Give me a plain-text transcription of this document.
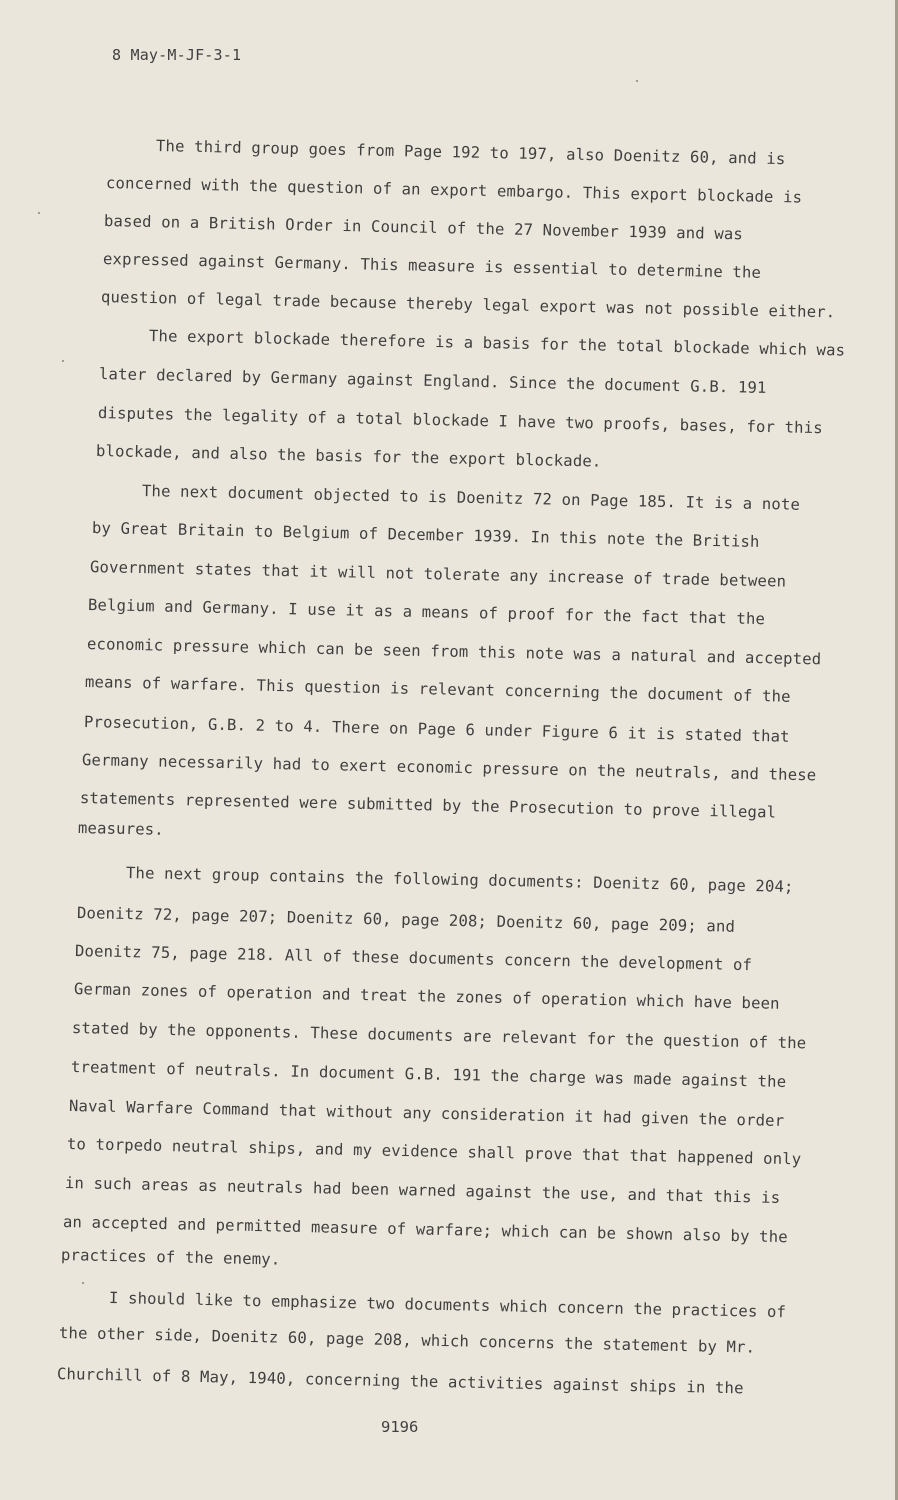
8 May-M-JF-3-1
The third group goes from Page 192 to 197, also Doenitz 60, and is
concerned with the question of an export embargo. This export blockade is
based on a British Order in Council of the 27 November 1939 and was
expressed against Germany. This measure is essential to determine the
question of legal trade because thereby legal export was not possible either.
The export blockade therefore is a basis for the total blockade which was
later declared by Germany against England. Since the document G.B. 191
disputes the legality of a total blockade I have two proofs, bases, for this
blockade, and also the basis for the export blockade.
The next document objected to is Doenitz 72 on Page 185. It is a note
by Great Britain to Belgium of December 1939. In this note the British
Government states that it will not tolerate any increase of trade between
Belgium and Germany. I use it as a means of proof for the fact that the
economic pressure which can be seen from this note was a natural and accepted
means of warfare. This question is relevant concerning the document of the
Prosecution, G.B. 2 to 4. There on Page 6 under Figure 6 it is stated that
Germany necessarily had to exert economic pressure on the neutrals, and these
statements represented were submitted by the Prosecution to prove illegal
measures.
The next group contains the following documents: Doenitz 60, page 204;
Doenitz 72, page 207; Doenitz 60, page 208; Doenitz 60, page 209; and
Doenitz 75, page 218. All of these documents concern the development of
German zones of operation and treat the zones of operation which have been
stated by the opponents. These documents are relevant for the question of the
treatment of neutrals. In document G.B. 191 the charge was made against the
Naval Warfare Command that without any consideration it had given the order
to torpedo neutral ships, and my evidence shall prove that that happened only
in such areas as neutrals had been warned against the use, and that this is
an accepted and permitted measure of warfare; which can be shown also by the
practices of the enemy.
I should like to emphasize two documents which concern the practices of
the other side, Doenitz 60, page 208, which concerns the statement by Mr.
Churchill of 8 May, 1940, concerning the activities against ships in the
9196
